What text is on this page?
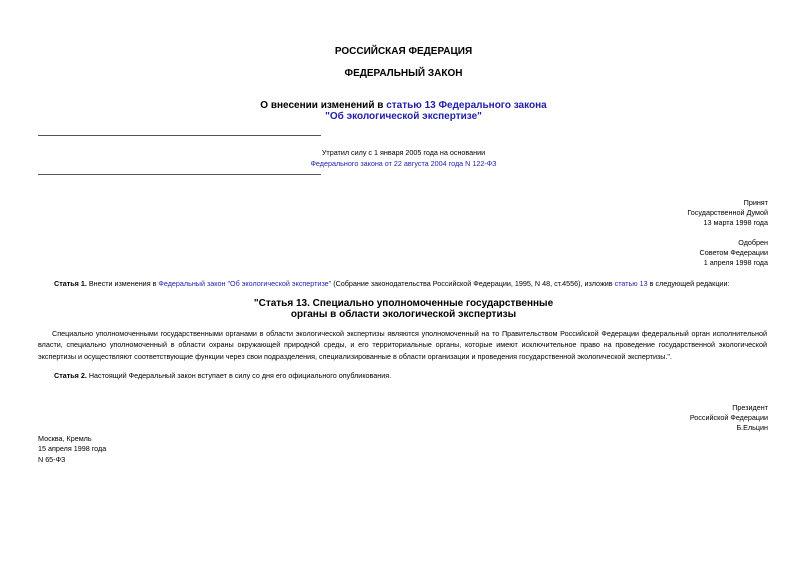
РОССИЙСКАЯ ФЕДЕРАЦИЯ
ФЕДЕРАЛЬНЫЙ ЗАКОН
О внесении изменений в статью 13 Федерального закона
"Об экологической экспертизе"
Утратил силу с 1 января 2005 года на основании
Федерального закона от 22 августа 2004 года N 122-ФЗ
Принят
Государственной Думой
13 марта 1998 года
Одобрен
Советом Федерации
1 апреля 1998 года
Статья 1. Внести изменения в Федеральный закон "Об экологической экспертизе" (Собрание законодательства Российской Федерации, 1995, N 48, ст.4556), изложив статью 13 в следующей редакции:
"Статья 13. Специально уполномоченные государственные
органы в области экологической экспертизы
Специально уполномоченными государственными органами в области экологической экспертизы являются уполномоченный на то Правительством Российской Федерации федеральный орган исполнительной власти, специально уполномоченный в области охраны окружающей природной среды, и его территориальные органы, которые имеют исключительное право на проведение государственной экологической экспертизы и осуществляют соответствующие функции через свои подразделения, специализированные в области организации и проведения государственной экологической экспертизы.".
Статья 2. Настоящий Федеральный закон вступает в силу со дня его официального опубликования.
Президент
Российской Федерации
Б.Ельцин
Москва, Кремль
15 апреля 1998 года
N 65-ФЗ
